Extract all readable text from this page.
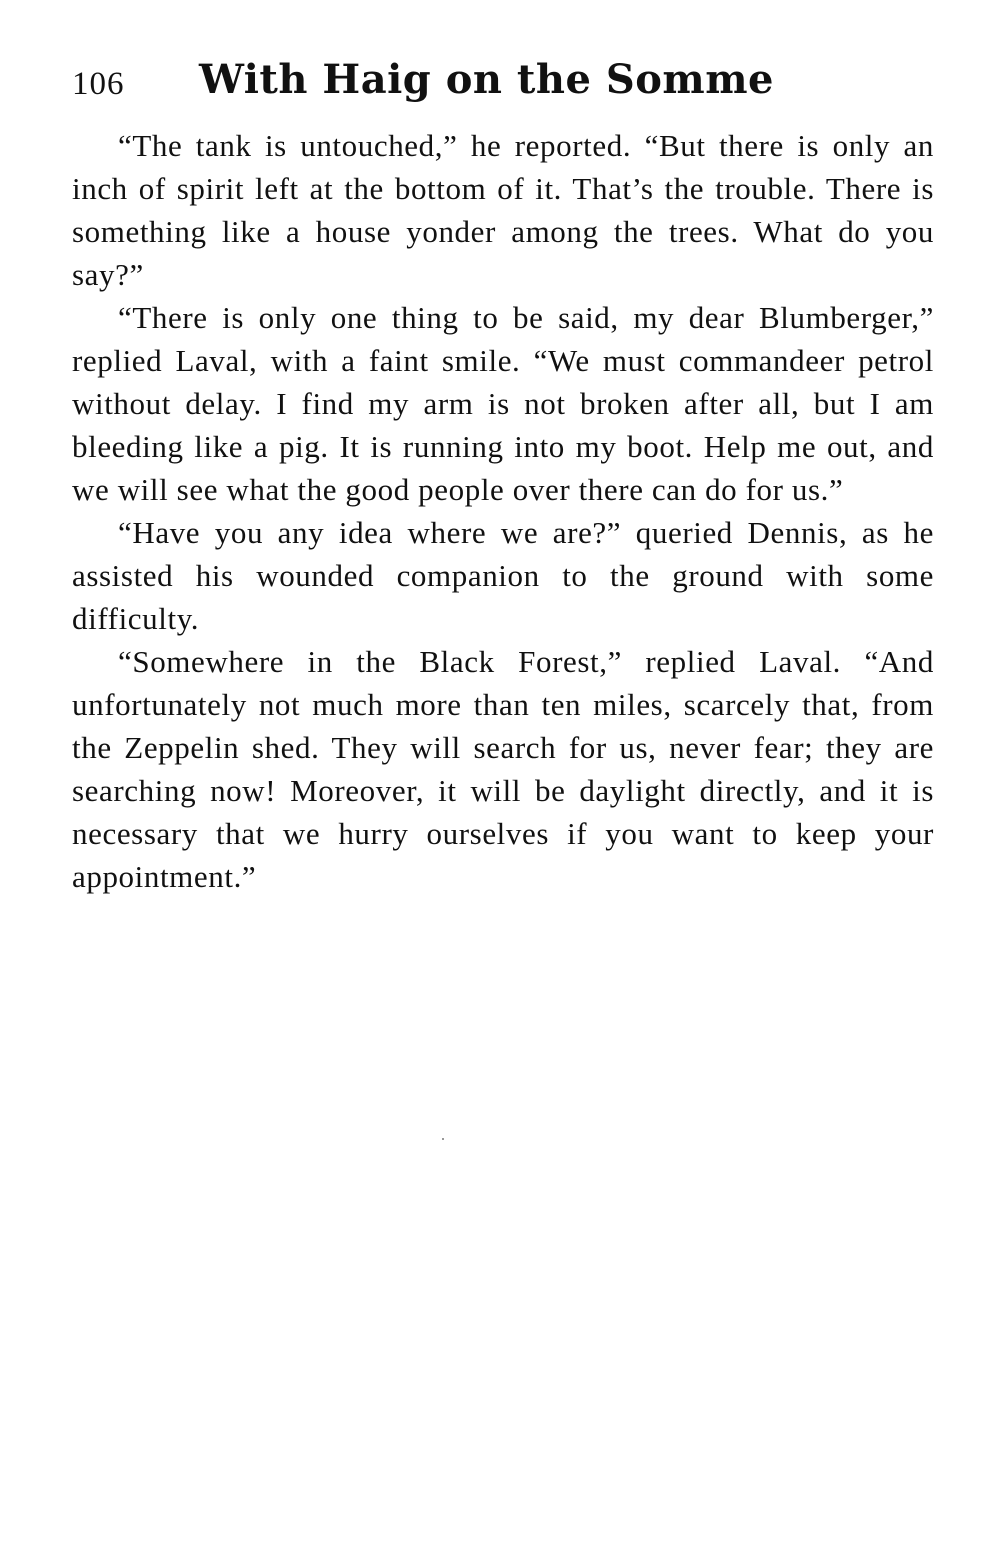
106 With Haig on the Somme

“The tank is untouched,” he reported. “But there is only an inch of spirit left at the bottom of it. That’s the trouble. There is something like a house yonder among the trees. What do you say?”

“There is only one thing to be said, my dear Blumberger,” replied Laval, with a faint smile. “We must commandeer petrol without delay. I find my arm is not broken after all, but I am bleeding like a pig. It is running into my boot. Help me out, and we will see what the good people over there can do for us.”

“Have you any idea where we are?” queried Dennis, as he assisted his wounded companion to the ground with some difficulty.

“Somewhere in the Black Forest,” replied Laval. “And unfortunately not much more than ten miles, scarcely that, from the Zeppelin shed. They will search for us, never fear; they are searching now! Moreover, it will be daylight directly, and it is necessary that we hurry ourselves if you want to keep your appointment.”
